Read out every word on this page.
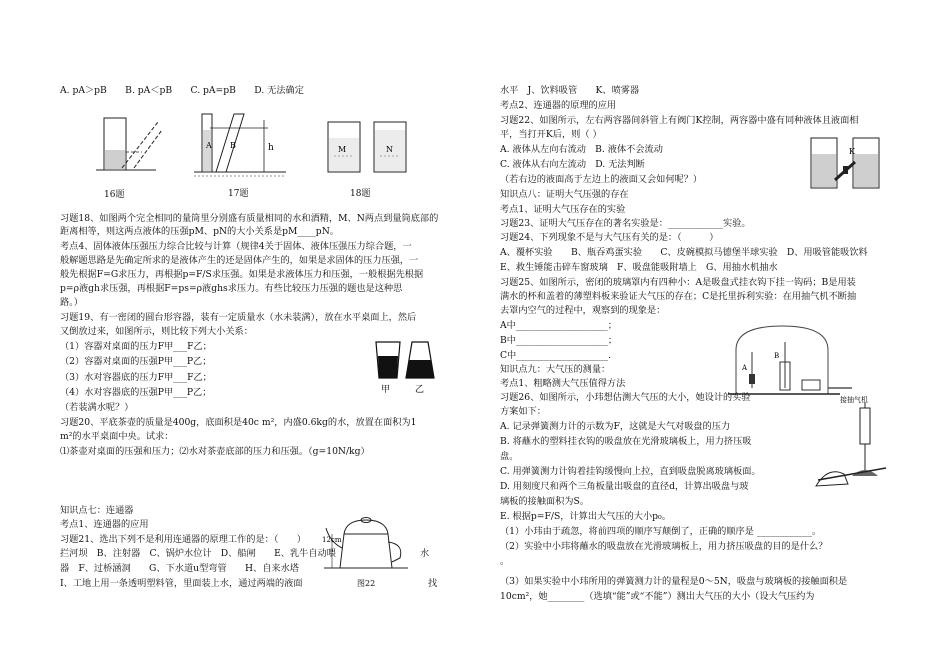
A. pA＞pB　　B. pA＜pB　　C. pA=pB　　D. 无法确定
16题
h
A B
17题
M	N
18题
习题18、如图两个完全相同的量筒里分别盛有质量相同的水和酒精，M、N两点到量筒底部的
距离相等，则这两点液体的压强pM、pN的大小关系是pM____pN。
考点4、固体液体压强压力综合比较与计算（规律4关于固体、液体压强压力综合题，一
般解题思路是先确定所求的是液体产生的还是固体产生的，如果是求固体的压力压强，一
般先根据F=G求压力，再根据p=F/S求压强。如果是求液体压力和压强，一般根据先根据
p=ρ液gh求压强，再根据F=ps=ρ液ghs求压力。有些比较压力压强的题也是这种思
路。）
习题19、有一密闭的圆台形容器，装有一定质量水（水未装满），放在水平桌面上，然后
又倒放过来，如图所示，则比较下列大小关系：
（1）容器对桌面的压力F甲___F乙；
（2）容器对桌面的压强P甲___P乙；
（3）水对容器底的压力F甲___F乙；
（4）水对容器底的压强P甲___P乙；
（若装满水呢？）
甲	乙
习题20、平底茶壶的质量是400g，底面积是40c m²，内盛0.6kg的水，放置在面积为1
m²的水平桌面中央。试求：
⑴茶壶对桌面的压强和压力；⑵水对茶壶底部的压力和压强。（g=10N/kg）
知识点七：连通器
考点1、连通器的应用
习题21、选出下列不是利用连通器的原理工作的是：（　　）
拦河坝　B、注射器　C、锅炉水位计　D、船闸　　E、乳牛自动喂	水
器　F、过桥涵洞　　G、下水道u型弯管　　H、自来水塔
I、工地上用一条透明塑料管，里面装上水，通过两端的液面	找
12cm
图22
水平　J、饮料吸管　　K、喷雾器
考点2、连通器的原理的应用
习题22、如图所示，左右两容器间斜管上有阀门K控制，两容器中盛有同种液体且液面相
平，当打开K后，则（ ）
A. 液体从左向右流动　B. 液体不会流动
C. 液体从右向左流动　D. 无法判断
（若右边的液面高于左边上的液面又会如何呢？）
K
知识点八：证明大气压强的存在
考点1、证明大气压存在的实验
习题23、证明大气压存在的著名实验是：____________实验。
习题24、下列现象不是与大气压有关的是：（　　　）
A、覆杯实验　　B、瓶吞鸡蛋实验　　C、皮碗模拟马德堡半球实验　D、用吸管能吸饮料
E、救生锤能击碎车窗玻璃　F、吸盘能吸附墙上　G、用抽水机抽水
习题25、如图所示，密闭的玻璃罩内有四种小：A是吸盘式挂衣钩下挂一钩码；B是用装
满水的杯和盖着的薄塑料板来验证大气压的存在；C是托里拆利实验：在用抽气机不断抽
去罩内空气的过程中，观察到的现象是：
A中____________________；
B中____________________；
C中____________________.
A
B
接抽气机
知识点九：大气压的测量：
考点1、粗略测大气压值得方法
习题26、如图所示，小玮想估测大气压的大小，她设计的实验
方案如下：
A. 记录弹簧测力计的示数为F，这就是大气对吸盘的压力
B. 将蘸水的塑料挂衣钩的吸盘放在光滑玻璃板上，用力挤压吸
盘。
C. 用弹簧测力计钩着挂钩缓慢向上拉，直到吸盘脱离玻璃板面。
D. 用刻度尺和两个三角板量出吸盘的直径d，计算出吸盘与玻
璃板的接触面积为S。
E. 根据p=F/S，计算出大气压的大小p₀。
（1）小玮由于疏忽，将前四项的顺序写颠倒了，正确的顺序是 ____________。
（2）实验中小玮将蘸水的吸盘放在光滑玻璃板上，用力挤压吸盘的目的是什么？
。
（3）如果实验中小玮所用的弹簧测力计的量程是0～5N，吸盘与玻璃板的接触面积是
10cm²，她________（选填“能”或“不能”）测出大气压的大小（设大气压约为
